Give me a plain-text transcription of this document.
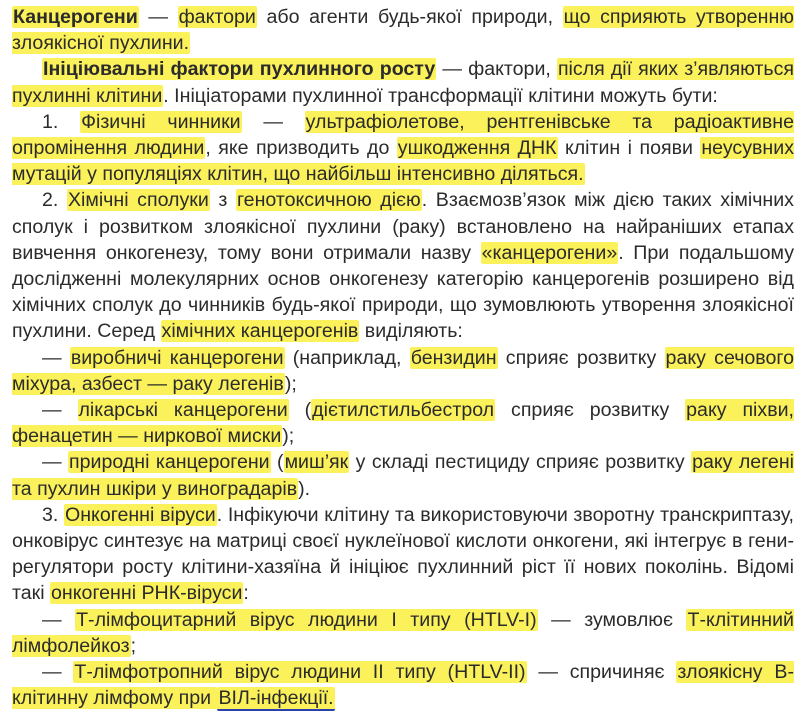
Канцерогени — фактори або агенти будь-якої природи, що сприяють утворенню злоякісної пухлини.

Ініціювальні фактори пухлинного росту — фактори, після дії яких з’являються пухлинні клітини. Ініціаторами пухлинної трансформації клітини можуть бути:

1. Фізичні чинники — ультрафіолетове, рентгенівське та радіоактивне опромінення людини, яке призводить до ушкодження ДНК клітин і появи неусувних мутацій у популяціях клітин, що найбільш інтенсивно діляться.

2. Хімічні сполуки з генотоксичною дією. Взаємозв’язок між дією таких хімічних сполук і розвитком злоякісної пухлини (раку) встановлено на найраніших етапах вивчення онкогенезу, тому вони отримали назву «канцерогени». При подальшому дослідженні молекулярних основ онкогенезу категорію канцерогенів розширено від хімічних сполук до чинників будь-якої природи, що зумовлюють утворення злоякісної пухлини. Серед хімічних канцерогенів виділяють:

— виробничі канцерогени (наприклад, бензидин сприяє розвитку раку сечового міхура, азбест — раку легенів);

— лікарські канцерогени (дієтилстильбестрол сприяє розвитку раку піхви, фенацетин — ниркової миски);

— природні канцерогени (миш’як у складі пестициду сприяє розвитку раку легені та пухлин шкіри у виноградарів).

3. Онкогенні віруси. Інфікуючи клітину та використовуючи зворотну транскриптазу, онковірус синтезує на матриці своєї нуклеїнової кислоти онкогени, які інтегрує в гени-регулятори росту клітини-хазяїна й ініціює пухлинний ріст її нових поколінь. Відомі такі онкогенні РНК-віруси:

— Т-лімфоцитарний вірус людини І типу (HTLV-I) — зумовлює Т-клітинний лімфолейкоз;

— Т-лімфотропний вірус людини ІІ типу (HTLV-II) — спричиняє злоякісну В-клітинну лімфому при ВІЛ-інфекції.
